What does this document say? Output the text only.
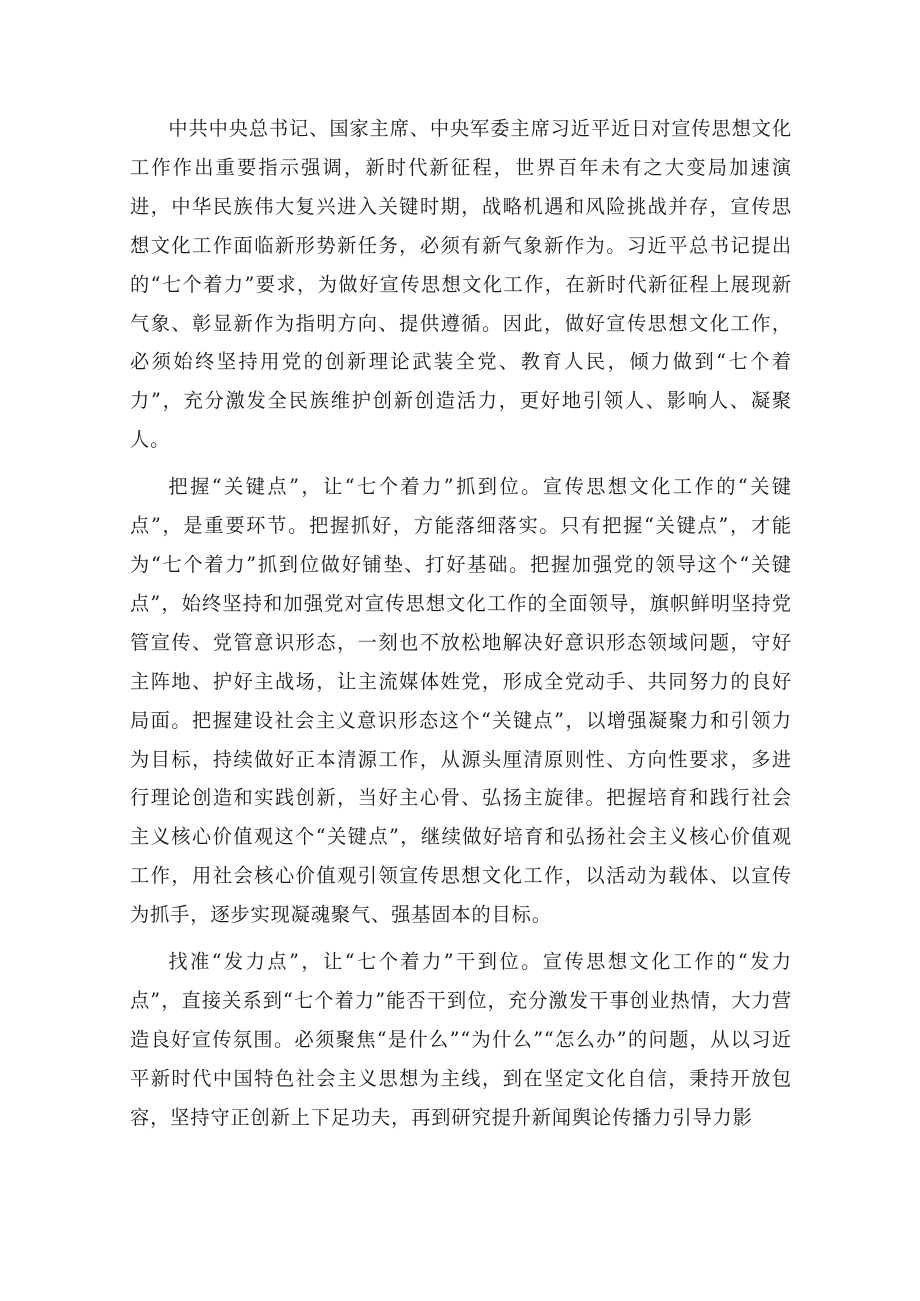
中共中央总书记、国家主席、中央军委主席习近平近日对宣传思想文化工作作出重要指示强调，新时代新征程，世界百年未有之大变局加速演进，中华民族伟大复兴进入关键时期，战略机遇和风险挑战并存，宣传思想文化工作面临新形势新任务，必须有新气象新作为。习近平总书记提出的“七个着力”要求，为做好宣传思想文化工作，在新时代新征程上展现新气象、彰显新作为指明方向、提供遵循。因此，做好宣传思想文化工作，必须始终坚持用党的创新理论武装全党、教育人民，倾力做到“七个着力”，充分激发全民族维护创新创造活力，更好地引领人、影响人、凝聚人。

把握“关键点”，让“七个着力”抓到位。宣传思想文化工作的“关键点”，是重要环节。把握抓好，方能落细落实。只有把握“关键点”，才能为“七个着力”抓到位做好铺垫、打好基础。把握加强党的领导这个“关键点”，始终坚持和加强党对宣传思想文化工作的全面领导，旗帜鲜明坚持党管宣传、党管意识形态，一刻也不放松地解决好意识形态领域问题，守好主阵地、护好主战场，让主流媒体姓党，形成全党动手、共同努力的良好局面。把握建设社会主义意识形态这个“关键点”，以增强凝聚力和引领力为目标，持续做好正本清源工作，从源头厘清原则性、方向性要求，多进行理论创造和实践创新，当好主心骨、弘扬主旋律。把握培育和践行社会主义核心价值观这个“关键点”，继续做好培育和弘扬社会主义核心价值观工作，用社会核心价值观引领宣传思想文化工作，以活动为载体、以宣传为抓手，逐步实现凝魂聚气、强基固本的目标。

找准“发力点”，让“七个着力”干到位。宣传思想文化工作的“发力点”，直接关系到“七个着力”能否干到位，充分激发干事创业热情，大力营造良好宣传氛围。必须聚焦“是什么”“为什么”“怎么办”的问题，从以习近平新时代中国特色社会主义思想为主线，到在坚定文化自信，秉持开放包容，坚持守正创新上下足功夫，再到研究提升新闻舆论传播力引导力影
